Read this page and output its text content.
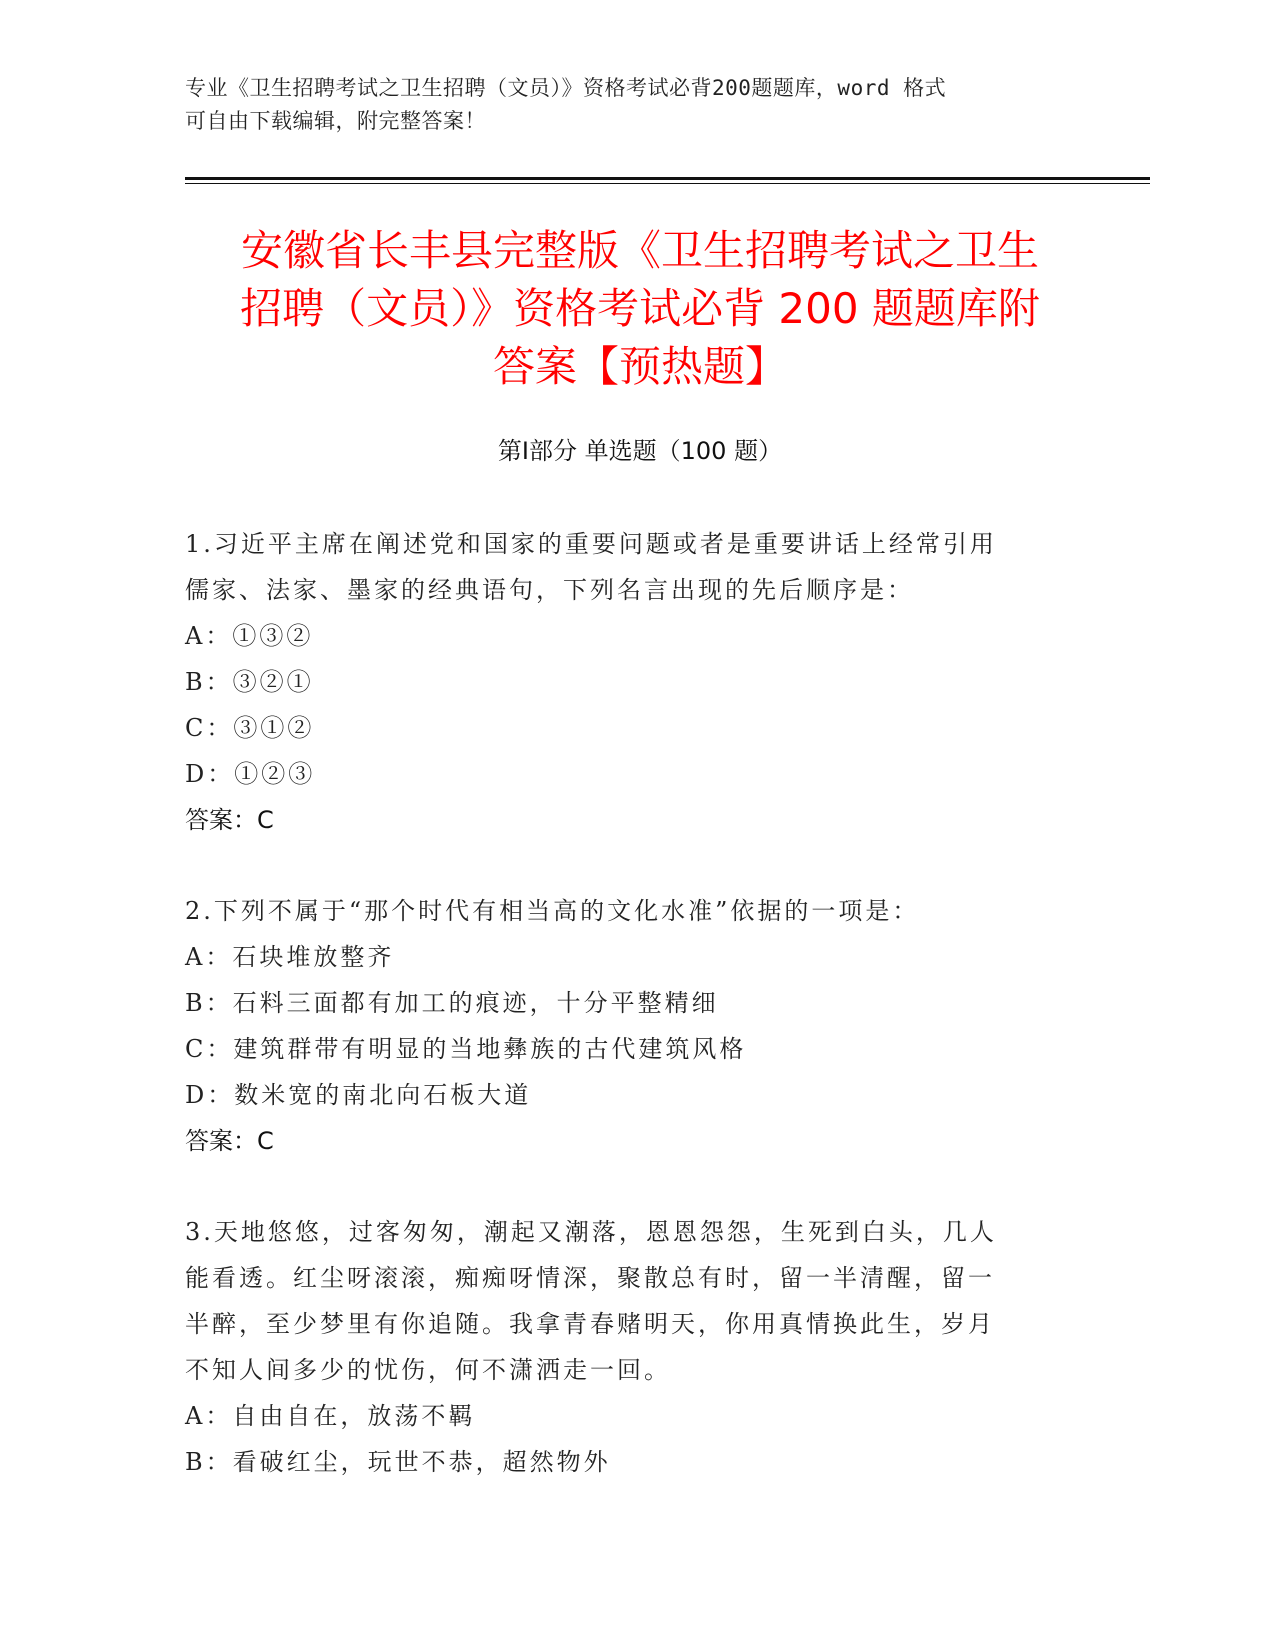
专业《卫生招聘考试之卫生招聘（文员）》资格考试必背200题题库，word 格式
可自由下载编辑，附完整答案！
安徽省长丰县完整版《卫生招聘考试之卫生
招聘（文员）》资格考试必背 200 题题库附
答案【预热题】
第Ⅰ部分 单选题（100 题）
1.习近平主席在阐述党和国家的重要问题或者是重要讲话上经常引用
儒家、法家、墨家的经典语句，下列名言出现的先后顺序是：
A：①③②
B：③②①
C：③①②
D：①②③
答案：C
2.下列不属于“那个时代有相当高的文化水准”依据的一项是：
A：石块堆放整齐
B：石料三面都有加工的痕迹，十分平整精细
C：建筑群带有明显的当地彝族的古代建筑风格
D：数米宽的南北向石板大道
答案：C
3.天地悠悠，过客匆匆，潮起又潮落，恩恩怨怨，生死到白头，几人
能看透。红尘呀滚滚，痴痴呀情深，聚散总有时，留一半清醒，留一
半醉，至少梦里有你追随。我拿青春赌明天，你用真情换此生，岁月
不知人间多少的忧伤，何不潇洒走一回。
A：自由自在，放荡不羁
B：看破红尘，玩世不恭，超然物外
